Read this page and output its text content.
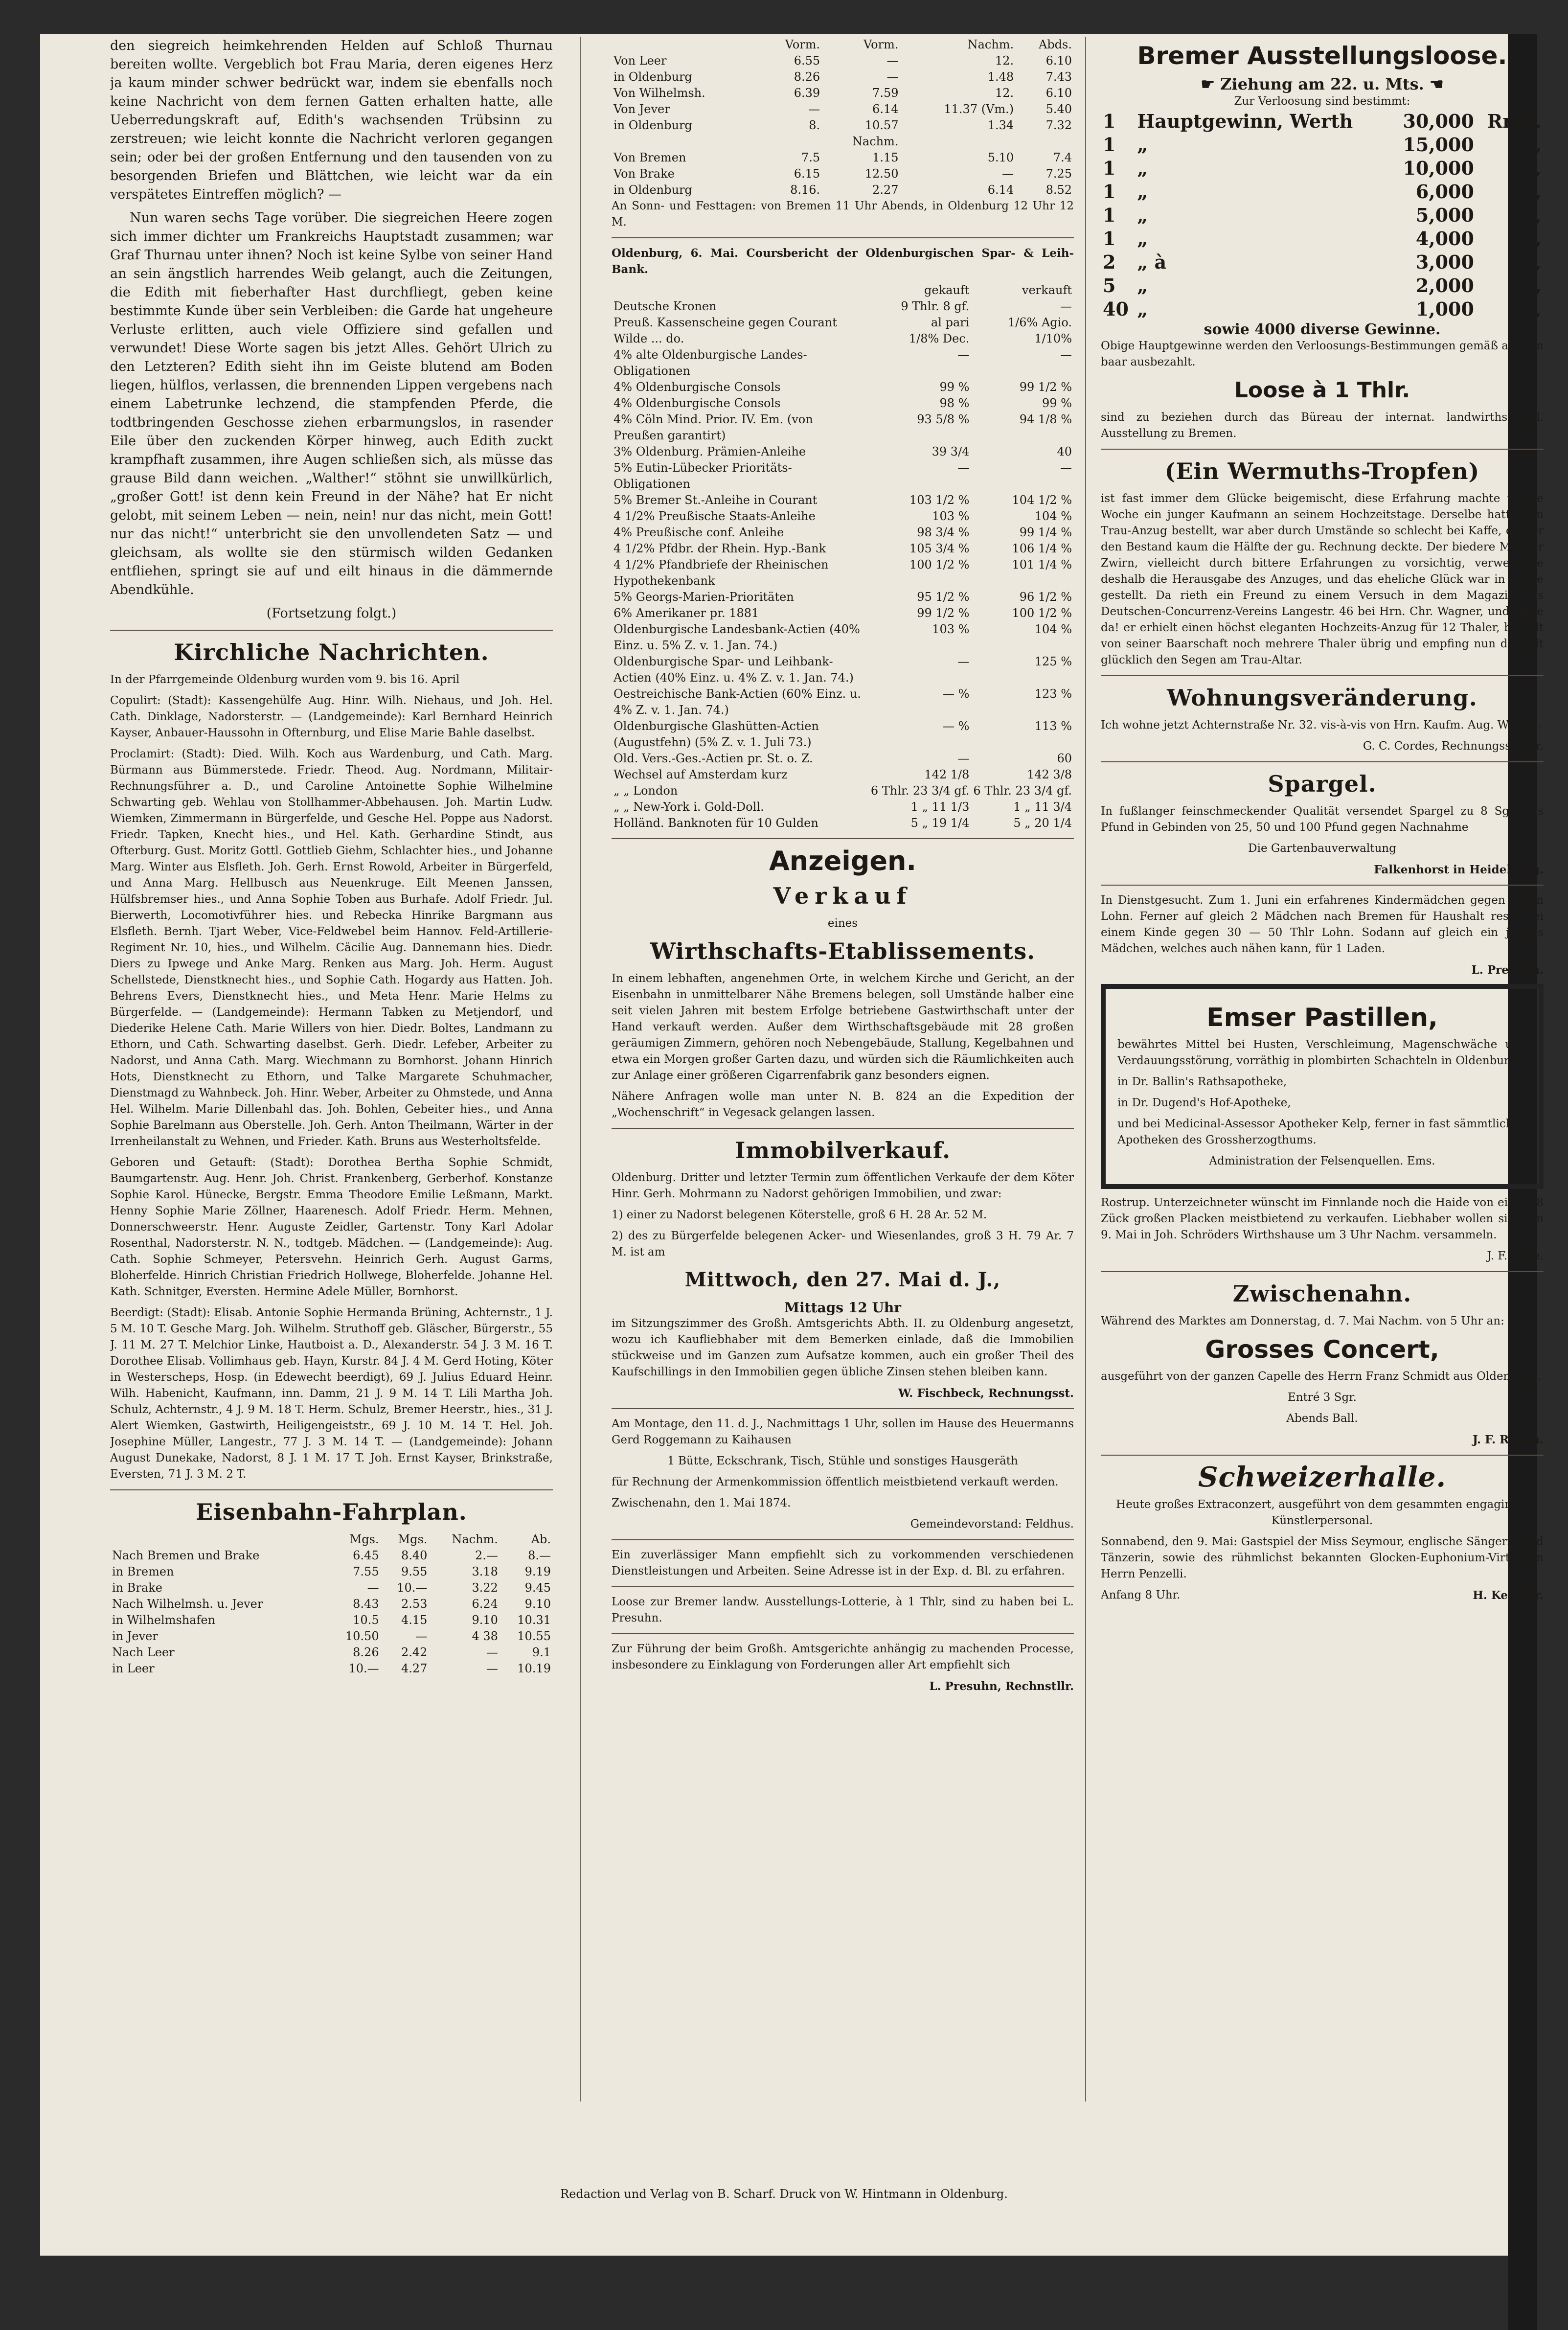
den siegreich heimkehrenden Helden auf Schloß Thurnau bereiten wollte. Vergeblich bot Frau Maria, deren eigenes Herz ja kaum minder schwer bedrückt war, indem sie ebenfalls noch keine Nachricht von dem fernen Gatten erhalten hatte, alle Ueberredungskraft auf, Edith's wachsenden Trübsinn zu zerstreuen; wie leicht konnte die Nachricht verloren gegangen sein; oder bei der großen Entfernung und den tausenden von zu besorgenden Briefen und Blättchen, wie leicht war da ein verspätetes Eintreffen möglich? —

Nun waren sechs Tage vorüber. Die siegreichen Heere zogen sich immer dichter um Frankreichs Hauptstadt zusammen; war Graf Thurnau unter ihnen? Noch ist keine Sylbe von seiner Hand an sein ängstlich harrendes Weib gelangt, auch die Zeitungen, die Edith mit fieberhafter Hast durchfliegt, geben keine bestimmte Kunde über sein Verbleiben: die Garde hat ungeheure Verluste erlitten, auch viele Offiziere sind gefallen und verwundet! Diese Worte sagen bis jetzt Alles. Gehört Ulrich zu den Letzteren? Edith sieht ihn im Geiste blutend am Boden liegen, hülflos, verlassen, die brennenden Lippen vergebens nach einem Labetrunke lechzend, die stampfenden Pferde, die todtbringenden Geschosse ziehen erbarmungslos, in rasender Eile über den zuckenden Körper hinweg, auch Edith zuckt krampfhaft zusammen, ihre Augen schließen sich, als müsse das grause Bild dann weichen. „Walther!“ stöhnt sie unwillkürlich, „großer Gott! ist denn kein Freund in der Nähe? hat Er nicht gelobt, mit seinem Leben — nein, nein! nur das nicht, mein Gott! nur das nicht!“ unterbricht sie den unvollendeten Satz — und gleichsam, als wollte sie den stürmisch wilden Gedanken entfliehen, springt sie auf und eilt hinaus in die dämmernde Abendkühle.

(Fortsetzung folgt.)

Kirchliche Nachrichten.

In der Pfarrgemeinde Oldenburg wurden vom 9. bis 16. April

Copulirt: (Stadt): Kassengehülfe Aug. Hinr. Wilh. Niehaus, und Joh. Hel. Cath. Dinklage, Nadorsterstr. — (Landgemeinde): Karl Bernhard Heinrich Kayser, Anbauer-Haussohn in Ofternburg, und Elise Marie Bahle daselbst.

Proclamirt: (Stadt): Died. Wilh. Koch aus Wardenburg, und Cath. Marg. Bürmann aus Bümmerstede. Friedr. Theod. Aug. Nordmann, Militair-Rechnungsführer a. D., und Caroline Antoinette Sophie Wilhelmine Schwarting geb. Wehlau von Stollhammer-Abbehausen. Joh. Martin Ludw. Wiemken, Zimmermann in Bürgerfelde, und Gesche Hel. Poppe aus Nadorst. Friedr. Tapken, Knecht hies., und Hel. Kath. Gerhardine Stindt, aus Ofterburg. Gust. Moritz Gottl. Gottlieb Giehm, Schlachter hies., und Johanne Marg. Winter aus Elsfleth. Joh. Gerh. Ernst Rowold, Arbeiter in Bürgerfeld, und Anna Marg. Hellbusch aus Neuenkruge. Eilt Meenen Janssen, Hülfsbremser hies., und Anna Sophie Toben aus Burhafe. Adolf Friedr. Jul. Bierwerth, Locomotivführer hies. und Rebecka Hinrike Bargmann aus Elsfleth. Bernh. Tjart Weber, Vice-Feldwebel beim Hannov. Feld-Artillerie-Regiment Nr. 10, hies., und Wilhelm. Cäcilie Aug. Dannemann hies. Diedr. Diers zu Ipwege und Anke Marg. Renken aus Marg. Joh. Herm. August Schellstede, Dienstknecht hies., und Sophie Cath. Hogardy aus Hatten. Joh. Behrens Evers, Dienstknecht hies., und Meta Henr. Marie Helms zu Bürgerfelde. — (Landgemeinde): Hermann Tabken zu Metjendorf, und Diederike Helene Cath. Marie Willers von hier. Diedr. Boltes, Landmann zu Ethorn, und Cath. Schwarting daselbst. Gerh. Diedr. Lefeber, Arbeiter zu Nadorst, und Anna Cath. Marg. Wiechmann zu Bornhorst. Johann Hinrich Hots, Dienstknecht zu Ethorn, und Talke Margarete Schuhmacher, Dienstmagd zu Wahnbeck. Joh. Hinr. Weber, Arbeiter zu Ohmstede, und Anna Hel. Wilhelm. Marie Dillenbahl das. Joh. Bohlen, Gebeiter hies., und Anna Sophie Barelmann aus Oberstelle. Joh. Gerh. Anton Theilmann, Wärter in der Irrenheilanstalt zu Wehnen, und Frieder. Kath. Bruns aus Westerholtsfelde.

Geboren und Getauft: (Stadt): Dorothea Bertha Sophie Schmidt, Baumgartenstr. Aug. Henr. Joh. Christ. Frankenberg, Gerberhof. Konstanze Sophie Karol. Hünecke, Bergstr. Emma Theodore Emilie Leßmann, Markt. Henny Sophie Marie Zöllner, Haarenesch. Adolf Friedr. Herm. Mehnen, Donnerschweerstr. Henr. Auguste Zeidler, Gartenstr. Tony Karl Adolar Rosenthal, Nadorsterstr. N. N., todtgeb. Mädchen. — (Landgemeinde): Aug. Cath. Sophie Schmeyer, Petersvehn. Heinrich Gerh. August Garms, Bloherfelde. Hinrich Christian Friedrich Hollwege, Bloherfelde. Johanne Hel. Kath. Schnitger, Eversten. Hermine Adele Müller, Bornhorst.

Beerdigt: (Stadt): Elisab. Antonie Sophie Hermanda Brüning, Achternstr., 1 J. 5 M. 10 T. Gesche Marg. Joh. Wilhelm. Struthoff geb. Gläscher, Bürgerstr., 55 J. 11 M. 27 T. Melchior Linke, Hautboist a. D., Alexanderstr. 54 J. 3 M. 16 T. Dorothee Elisab. Vollimhaus geb. Hayn, Kurstr. 84 J. 4 M. Gerd Hoting, Köter in Westerscheps, Hosp. (in Edewecht beerdigt), 69 J. Julius Eduard Heinr. Wilh. Habenicht, Kaufmann, inn. Damm, 21 J. 9 M. 14 T. Lili Martha Joh. Schulz, Achternstr., 4 J. 9 M. 18 T. Herm. Schulz, Bremer Heerstr., hies., 31 J. Alert Wiemken, Gastwirth, Heiligengeiststr., 69 J. 10 M. 14 T. Hel. Joh. Josephine Müller, Langestr., 77 J. 3 M. 14 T. — (Landgemeinde): Johann August Dunekake, Nadorst, 8 J. 1 M. 17 T. Joh. Ernst Kayser, Brinkstraße, Eversten, 71 J. 3 M. 2 T.

Eisenbahn-Fahrplan.
	Mgs.	Mgs.	Nachm.	Ab.
Nach Bremen und Brake	6.45	8.40	2.—	8.—
in Bremen	7.55	9.55	3.18	9.19
in Brake	—	10.—	3.22	9.45
Nach Wilhelmsh. u. Jever	8.43	2.53	6.24	9.10
in Wilhelmshafen	10.5	4.15	9.10	10.31
in Jever	10.50	—	4 38	10.55
Nach Leer	8.26	2.42	—	9.1
in Leer	10.—	4.27	—	10.19
	Vorm.	Vorm.	Nachm.	Abds.
Von Leer	6.55	—	12.	6.10
in Oldenburg	8.26	—	1.48	7.43
Von Wilhelmsh.	6.39	7.59	12.	6.10
Von Jever	—	6.14	11.37 (Vm.)	5.40
in Oldenburg	8.	10.57	1.34	7.32
		Nachm.		
Von Bremen	7.5	1.15	5.10	7.4
Von Brake	6.15	12.50	—	7.25
in Oldenburg	8.16.	2.27	6.14	8.52

An Sonn- und Festtagen: von Bremen 11 Uhr Abends, in Oldenburg 12 Uhr 12 M.

Oldenburg, 6. Mai. Coursbericht der Oldenburgischen Spar- & Leih-Bank.

	gekauft	verkauft
Deutsche Kronen	9 Thlr. 8 gf.	—
Preuß. Kassenscheine gegen Courant	al pari	1/6% Agio.
Wilde ... do.	1/8% Dec.	1/10%
4% alte Oldenburgische Landes-Obligationen	—	—
4% Oldenburgische Consols	99 %	99 1/2 %
4% Oldenburgische Consols	98 %	99 %
4% Cöln Mind. Prior. IV. Em. (von Preußen garantirt)	93 5/8 %	94 1/8 %
3% Oldenburg. Prämien-Anleihe	39 3/4	40
5% Eutin-Lübecker Prioritäts-Obligationen	—	—
5% Bremer St.-Anleihe in Courant	103 1/2 %	104 1/2 %
4 1/2% Preußische Staats-Anleihe	103 %	104 %
4% Preußische conf. Anleihe	98 3/4 %	99 1/4 %
4 1/2% Pfdbr. der Rhein. Hyp.-Bank	105 3/4 %	106 1/4 %
4 1/2% Pfandbriefe der Rheinischen Hypothekenbank	100 1/2 %	101 1/4 %
5% Georgs-Marien-Prioritäten	95 1/2 %	96 1/2 %
6% Amerikaner pr. 1881	99 1/2 %	100 1/2 %
Oldenburgische Landesbank-Actien (40% Einz. u. 5% Z. v. 1. Jan. 74.)	103 %	104 %
Oldenburgische Spar- und Leihbank-Actien (40% Einz. u. 4% Z. v. 1. Jan. 74.)	—	125 %
Oestreichische Bank-Actien (60% Einz. u. 4% Z. v. 1. Jan. 74.)	— %	123 %
Oldenburgische Glashütten-Actien (Augustfehn) (5% Z. v. 1. Juli 73.)	— %	113 %
Old. Vers.-Ges.-Actien pr. St. o. Z.	—	60
Wechsel auf Amsterdam kurz	142 1/8	142 3/8
„ „ London	6 Thlr. 23 3/4 gf.	6 Thlr. 23 3/4 gf.
„ „ New-York i. Gold-Doll.	1 „ 11 1/3	1 „ 11 3/4
Holländ. Banknoten für 10 Gulden	5 „ 19 1/4	5 „ 20 1/4
Anzeigen.
Verkauf
eines
Wirthschafts-Etablissements.

In einem lebhaften, angenehmen Orte, in welchem Kirche und Gericht, an der Eisenbahn in unmittelbarer Nähe Bremens belegen, soll Umstände halber eine seit vielen Jahren mit bestem Erfolge betriebene Gastwirthschaft unter der Hand verkauft werden. Außer dem Wirthschaftsgebäude mit 28 großen geräumigen Zimmern, gehören noch Nebengebäude, Stallung, Kegelbahnen und etwa ein Morgen großer Garten dazu, und würden sich die Räumlichkeiten auch zur Anlage einer größeren Cigarrenfabrik ganz besonders eignen.

Nähere Anfragen wolle man unter N. B. 824 an die Expedition der „Wochenschrift“ in Vegesack gelangen lassen.

Immobilverkauf.

Oldenburg. Dritter und letzter Termin zum öffentlichen Verkaufe der dem Köter Hinr. Gerh. Mohrmann zu Nadorst gehörigen Immobilien, und zwar:

1) einer zu Nadorst belegenen Köterstelle, groß 6 H. 28 Ar. 52 M.

2) des zu Bürgerfelde belegenen Acker- und Wiesenlandes, groß 3 H. 79 Ar. 7 M. ist am

Mittwoch, den 27. Mai d. J.,
Mittags 12 Uhr

im Sitzungszimmer des Großh. Amtsgerichts Abth. II. zu Oldenburg angesetzt, wozu ich Kaufliebhaber mit dem Bemerken einlade, daß die Immobilien stückweise und im Ganzen zum Aufsatze kommen, auch ein großer Theil des Kaufschillings in den Immobilien gegen übliche Zinsen stehen bleiben kann.

W. Fischbeck, Rechnungsst.

Am Montage, den 11. d. J., Nachmittags 1 Uhr, sollen im Hause des Heuermanns Gerd Roggemann zu Kaihausen

1 Bütte, Eckschrank, Tisch, Stühle und sonstiges Hausgeräth

für Rechnung der Armenkommission öffentlich meistbietend verkauft werden.

Zwischenahn, den 1. Mai 1874.

Gemeindevorstand: Feldhus.

Ein zuverlässiger Mann empfiehlt sich zu vorkommenden verschiedenen Dienstleistungen und Arbeiten. Seine Adresse ist in der Exp. d. Bl. zu erfahren.

Loose zur Bremer landw. Ausstellungs-Lotterie, à 1 Thlr, sind zu haben bei L. Presuhn.

Zur Führung der beim Großh. Amtsgerichte anhängig zu machenden Processe, insbesondere zu Einklagung von Forderungen aller Art empfiehlt sich

L. Presuhn, Rechnstllr.

Bremer Ausstellungsloose.
☛ Ziehung am 22. u. Mts. ☚
Zur Verloosung sind bestimmt:
1	Hauptgewinn, Werth	30,000	Rmk.
1	„	15,000	„
1	„	10,000	„
1	„	6,000	„
1	„	5,000	„
1	„	4,000	„
2	„ à	3,000	„
5	„	2,000	„
40	„	1,000	„
sowie 4000 diverse Gewinne.

Obige Hauptgewinne werden den Verloosungs-Bestimmungen gemäß auch in baar ausbezahlt.

Loose à 1 Thlr.

sind zu beziehen durch das Büreau der internat. landwirthschaftl. Ausstellung zu Bremen.

(Ein Wermuths-Tropfen)

ist fast immer dem Glücke beigemischt, diese Erfahrung machte vorige Woche ein junger Kaufmann an seinem Hochzeitstage. Derselbe hatte den Trau-Anzug bestellt, war aber durch Umstände so schlecht bei Kaffe, daß er den Bestand kaum die Hälfte der gu. Rechnung deckte. Der biedere Meister Zwirn, vielleicht durch bittere Erfahrungen zu vorsichtig, verweigerte deshalb die Herausgabe des Anzuges, und das eheliche Glück war in Frage gestellt. Da rieth ein Freund zu einem Versuch in dem Magazin des Deutschen-Concurrenz-Vereins Langestr. 46 bei Hrn. Chr. Wagner, und siehe da! er erhielt einen höchst eleganten Hochzeits-Anzug für 12 Thaler, behielt von seiner Baarschaft noch mehrere Thaler übrig und empfing nun doppelt glücklich den Segen am Trau-Altar.

Wohnungsveränderung.

Ich wohne jetzt Achternstraße Nr. 32. vis-à-vis von Hrn. Kaufm. Aug. Willers.

G. C. Cordes, Rechnungssteller.

Spargel.

In fußlanger feinschmeckender Qualität versendet Spargel zu 8 Sgr. das Pfund in Gebinden von 25, 50 und 100 Pfund gegen Nachnahme

Die Gartenbauverwaltung

Falkenhorst in Heidelberg.

In Dienstgesucht. Zum 1. Juni ein erfahrenes Kindermädchen gegen guten Lohn. Ferner auf gleich 2 Mädchen nach Bremen für Haushalt resp. bei einem Kinde gegen 30 — 50 Thlr Lohn. Sodann auf gleich ein junges Mädchen, welches auch nähen kann, für 1 Laden.

L. Presuhn.

Emser Pastillen,

bewährtes Mittel bei Husten, Verschleimung, Magenschwäche und Verdauungsstörung, vorräthig in plombirten Schachteln in Oldenburg:

in Dr. Ballin's Rathsapotheke,

in Dr. Dugend's Hof-Apotheke,

und bei Medicinal-Assessor Apotheker Kelp, ferner in fast sämmtlichen Apotheken des Grossherzogthums.

Administration der Felsenquellen. Ems.

Rostrup. Unterzeichneter wünscht im Finnlande noch die Haide von einem 8 Zück großen Placken meistbietend zu verkaufen. Liebhaber wollen sich am 9. Mai in Joh. Schröders Wirthshause um 3 Uhr Nachm. versammeln.

J. F. Setje.

Zwischenahn.

Während des Marktes am Donnerstag, d. 7. Mai Nachm. von 5 Uhr an:

Grosses Concert,

ausgeführt von der ganzen Capelle des Herrn Franz Schmidt aus Oldenburg.

Entré 3 Sgr.

Abends Ball.

J. F. Röben.

Schweizerhalle.

Heute großes Extraconzert, ausgeführt von dem gesammten engagirten Künstlerpersonal.

Sonnabend, den 9. Mai: Gastspiel der Miss Seymour, englische Sängerin und Tänzerin, sowie des rühmlichst bekannten Glocken-Euphonium-Virtuosen Herrn Penzelli.

Anfang 8 Uhr.	H. Kestner.

Redaction und Verlag von B. Scharf. Druck von W. Hintmann in Oldenburg.
